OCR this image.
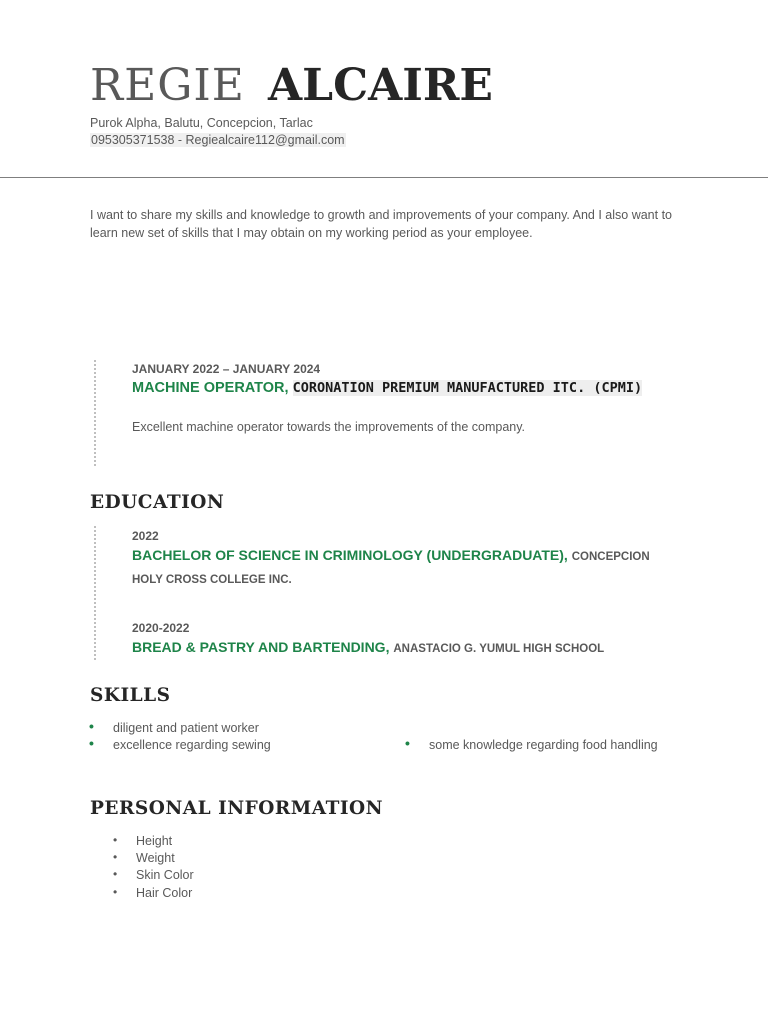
REGIE ALCAIRE
Purok Alpha, Balutu, Concepcion, Tarlac
095305371538 - Regiealcaire112@gmail.com
I want to share my skills and knowledge to growth and improvements of your company. And I also want to learn new set of skills that I may obtain on my working period as your employee.
JANUARY 2022 – JANUARY 2024
MACHINE OPERATOR, CORONATION PREMIUM MANUFACTURED ITC. (CPMI)
Excellent machine operator towards the improvements of the company.
EDUCATION
2022
BACHELOR OF SCIENCE IN CRIMINOLOGY (UNDERGRADUATE), CONCEPCION HOLY CROSS COLLEGE INC.
2020-2022
BREAD & PASTRY AND BARTENDING, ANASTACIO G. YUMUL HIGH SCHOOL
SKILLS
• diligent and patient worker
• excellence regarding sewing	• some knowledge regarding food handling
PERSONAL INFORMATION
• Height
• Weight
• Skin Color
• Hair Color
